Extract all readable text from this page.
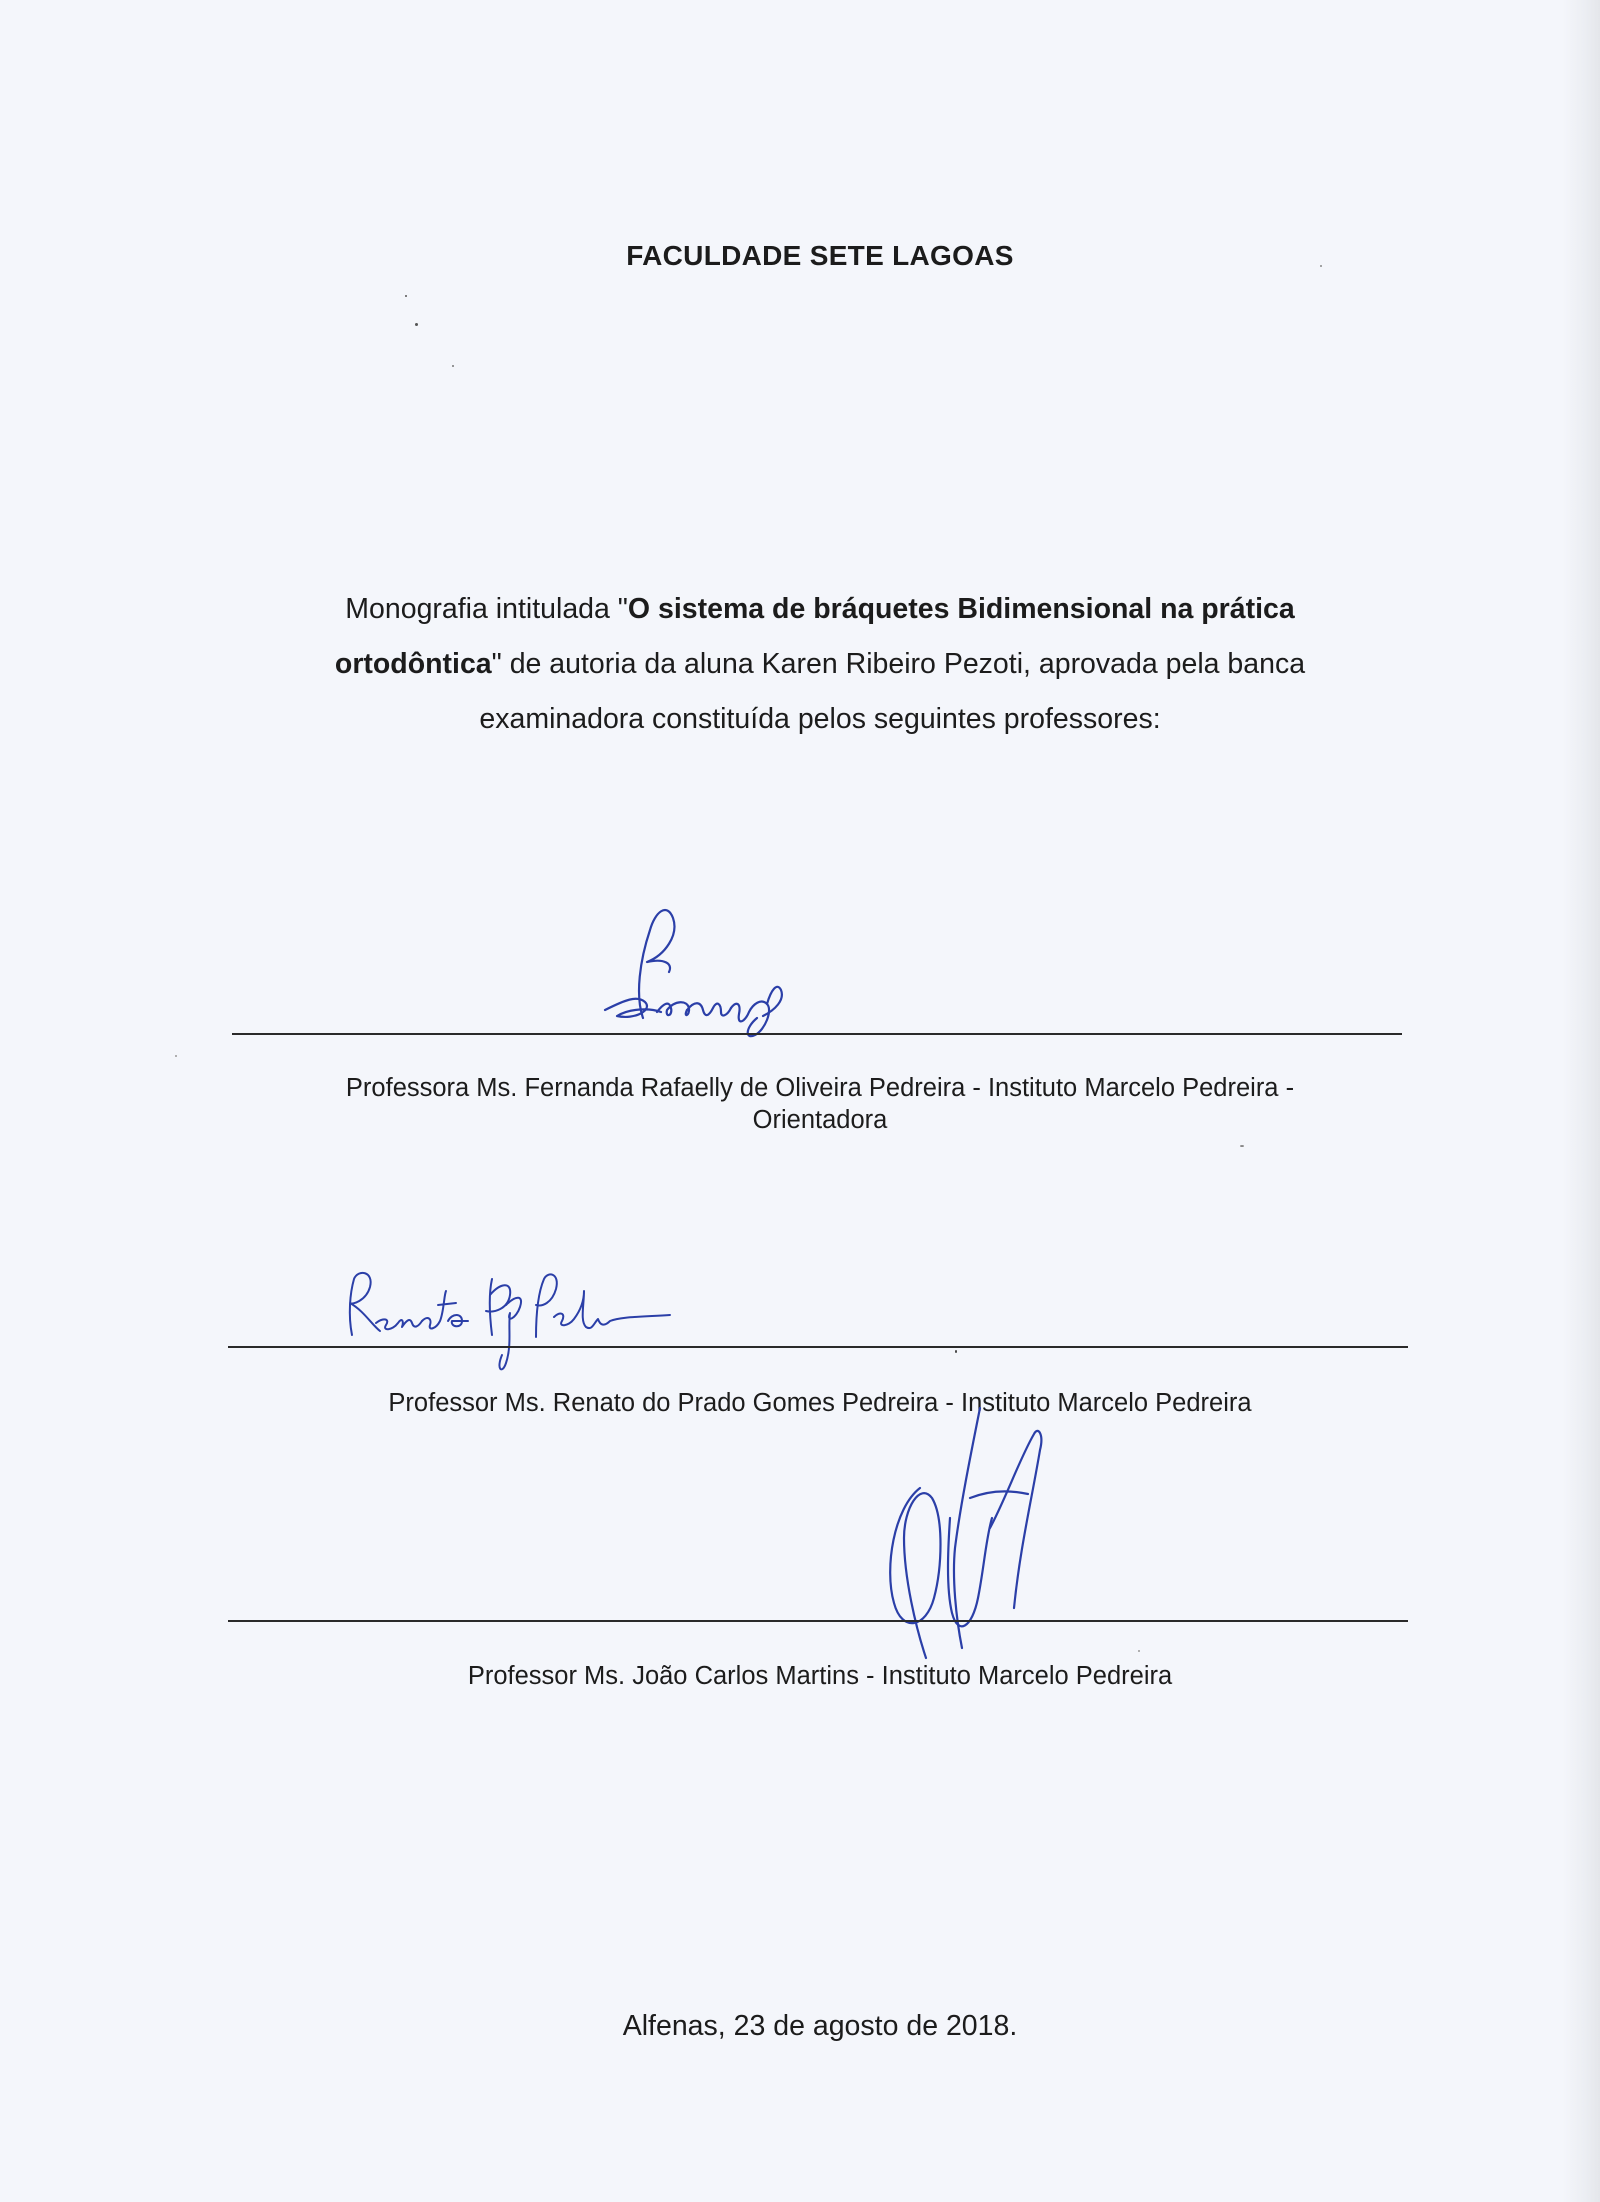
FACULDADE SETE LAGOAS
Monografia intitulada "O sistema de bráquetes Bidimensional na prática ortodôntica" de autoria da aluna Karen Ribeiro Pezoti, aprovada pela banca examinadora constituída pelos seguintes professores:
Professora Ms. Fernanda Rafaelly de Oliveira Pedreira - Instituto Marcelo Pedreira -
Orientadora
Professor Ms. Renato do Prado Gomes Pedreira - Instituto Marcelo Pedreira
Professor Ms. João Carlos Martins - Instituto Marcelo Pedreira
Alfenas, 23 de agosto de 2018.
